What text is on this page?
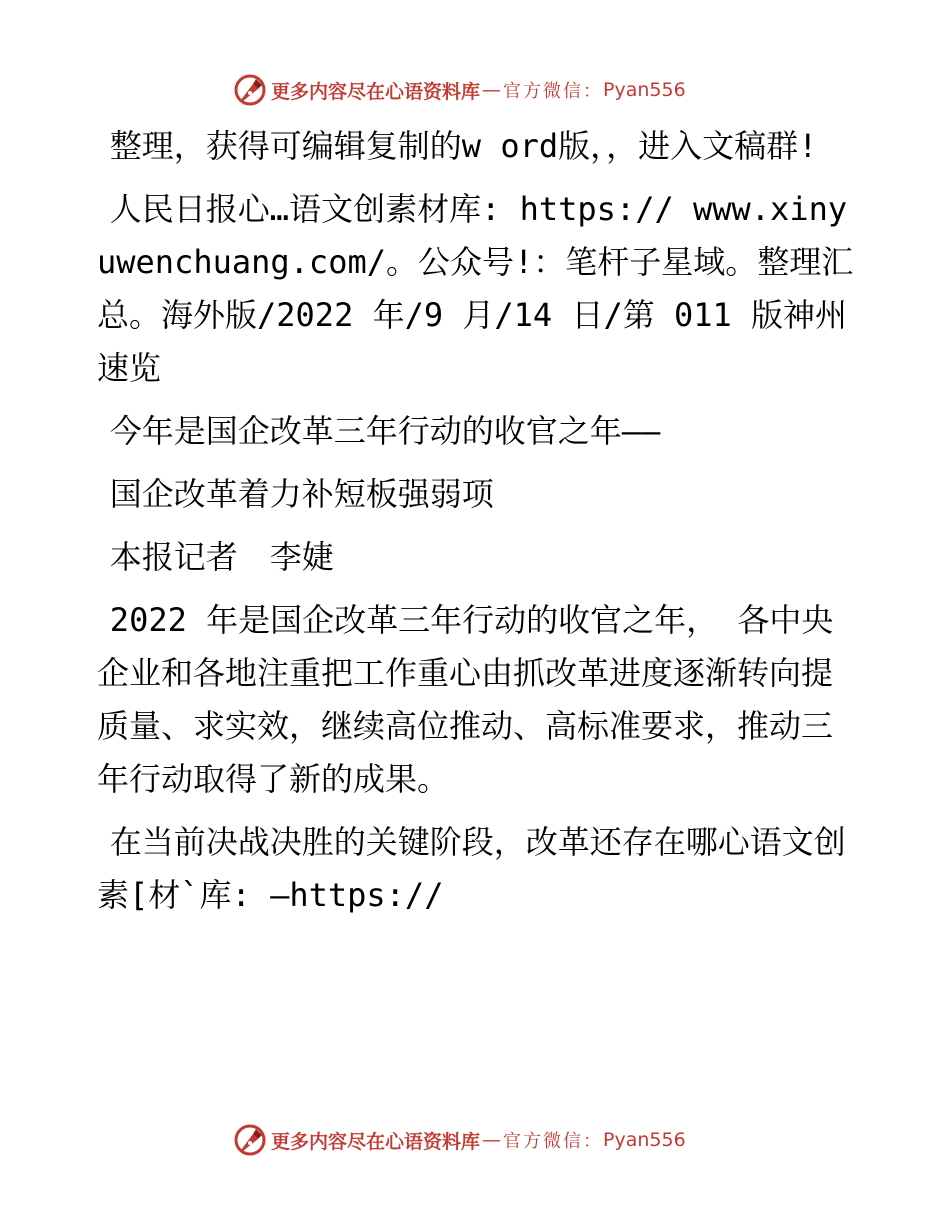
更多内容尽在心语资料库 — 官方微信： Pyan556

整理，获得可编辑复制的w ord版，，进入文稿群!

人民日报心…语文创素材库: https:// www.xinyuwenchuang.com/。公众号!：笔杆子星域。整理汇总。海外版/2022 年/9 月/14 日/第 011 版神州速览

今年是国企改革三年行动的收官之年——

国企改革着力补短板强弱项

本报记者　李婕

2022 年是国企改革三年行动的收官之年， 各中央企业和各地注重把工作重心由抓改革进度逐渐转向提质量、求实效，继续高位推动、高标准要求，推动三年行动取得了新的成果。

在当前决战决胜的关键阶段，改革还存在哪心语文创素[材`库: —https://

更多内容尽在心语资料库 — 官方微信： Pyan556
